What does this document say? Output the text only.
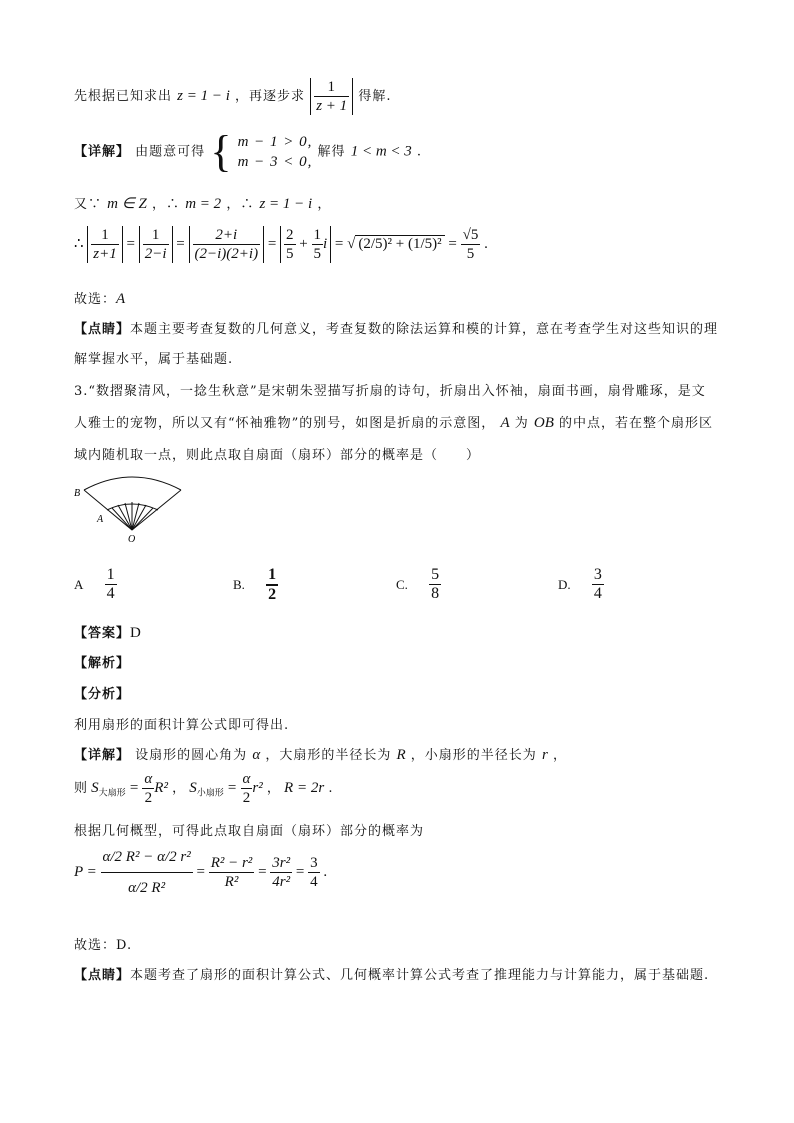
先根据已知求出 z = 1 − i ，再逐步求 $\frac{1}{z + 1}$ 得解.
【详解】 由题意可得 { m − 1 > 0,
m − 3 < 0,
解得 1 < m < 3 .
又∵ m ∈ Z ，∴ m = 2 ，∴ z = 1 − i ，
∴ $\frac{1}{z+1} = \frac{1}{2-i} = \frac{2+i}{(2-i)(2+i)} = \frac{2}{5} + \frac{1}{5}$ i = √ $(2/5)^2 + (1/5)^2 = \frac{√5}{5}$ .
故选：A
【点睛】本题主要考查复数的几何意义，考查复数的除法运算和模的计算，意在考查学生对这些知识的理
解掌握水平，属于基础题.
3.“数摺聚清风，一捻生秋意”是宋朝朱翌描写折扇的诗句，折扇出入怀袖，扇面书画，扇骨雕琢，是文
人雅士的宠物，所以又有“怀袖雅物”的别号，如图是折扇的示意图， A 为 OB 的中点，若在整个扇形区
域内随机取一点，则此点取自扇面（扇环）部分的概率是（　　）
B
A
O
A $\frac{1}{4}$	B. $\frac{1}{2}$	C. $\frac{5}{8}$	D. $\frac{3}{4}$
【答案】D
【解析】
【分析】
利用扇形的面积计算公式即可得出.
【详解】 设扇形的圆心角为 α ，大扇形的半径长为 R ，小扇形的半径长为 r ，
则 $S_{大扇形} = \frac{\alpha}{2} R^2$ ， $S_{小扇形} = \frac{\alpha}{2} r^2$ ， R = 2r .
根据几何概型，可得此点取自扇面（扇环）部分的概率为
$P = \frac{\text{α/2 R² − α/2 r²}}{\text{α/2 R²}} = \frac{\text{R² − r²}}{\text{R²}} = \frac{\text{3r²}}{\text{4r²}} = \frac{3}{4}$ .
故选：D.
【点睛】本题考查了扇形的面积计算公式、几何概率计算公式考查了推理能力与计算能力，属于基础题.
